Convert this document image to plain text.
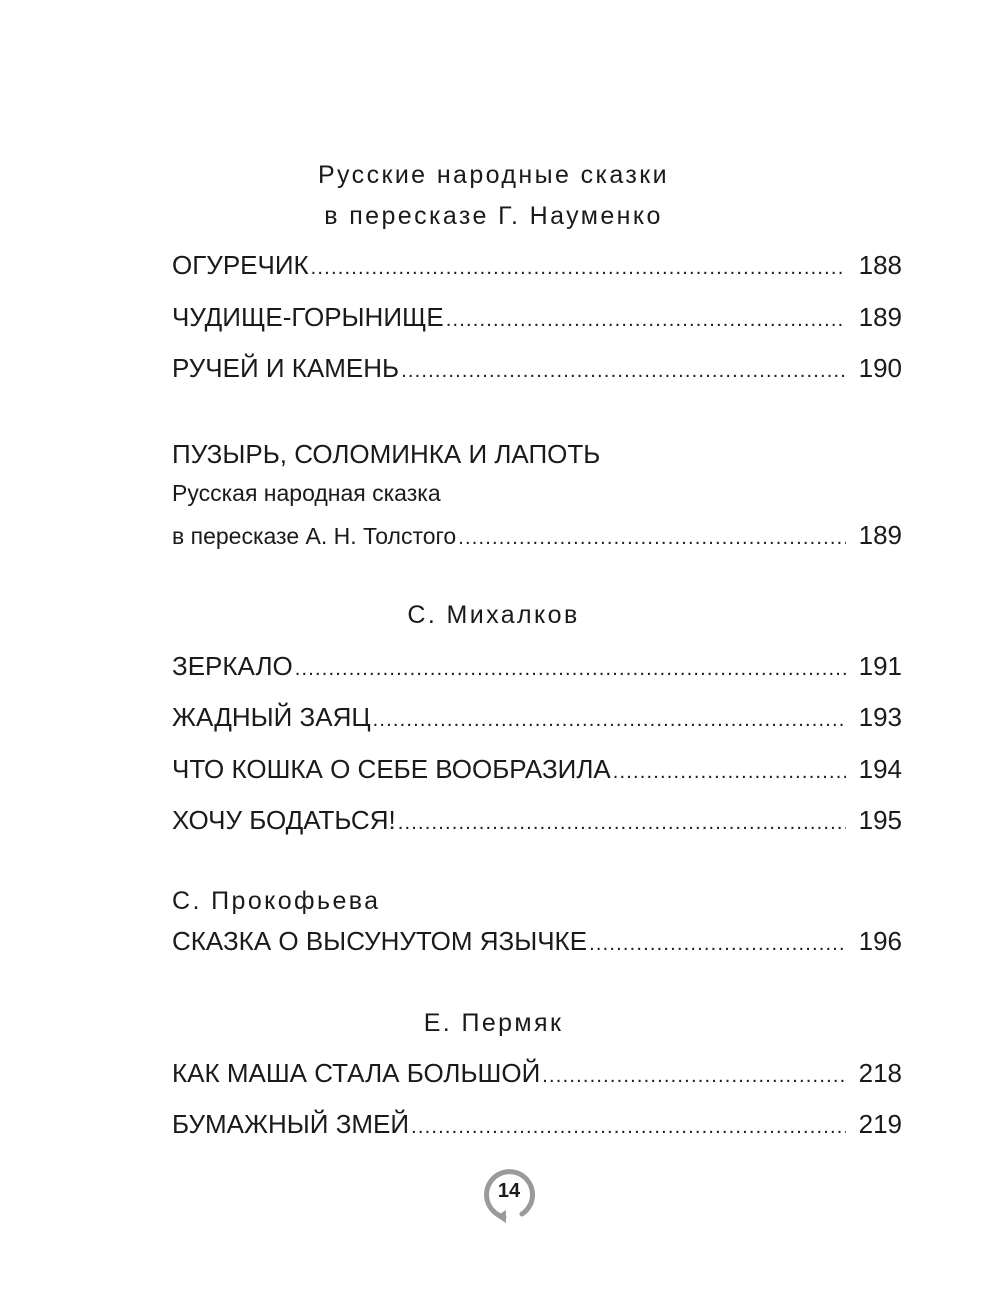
Русские народные сказки
в пересказе Г. Науменко
ОГУРЕЧИК .....	188
ЧУДИЩЕ-ГОРЫНИЩЕ .....	189
РУЧЕЙ И КАМЕНЬ .....	190
ПУЗЫРЬ, СОЛОМИНКА И ЛАПОТЬ
Русская народная сказка
в пересказе А. Н. Толстого .....	189
С. Михалков
ЗЕРКАЛО .....	191
ЖАДНЫЙ ЗАЯЦ .....	193
ЧТО КОШКА О СЕБЕ ВООБРАЗИЛА .....	194
ХОЧУ БОДАТЬСЯ! .....	195
С. Прокофьева
СКАЗКА О ВЫСУНУТОМ ЯЗЫЧКЕ .....	196
Е. Пермяк
КАК МАША СТАЛА БОЛЬШОЙ .....	218
БУМАЖНЫЙ ЗМЕЙ .....	219
14
